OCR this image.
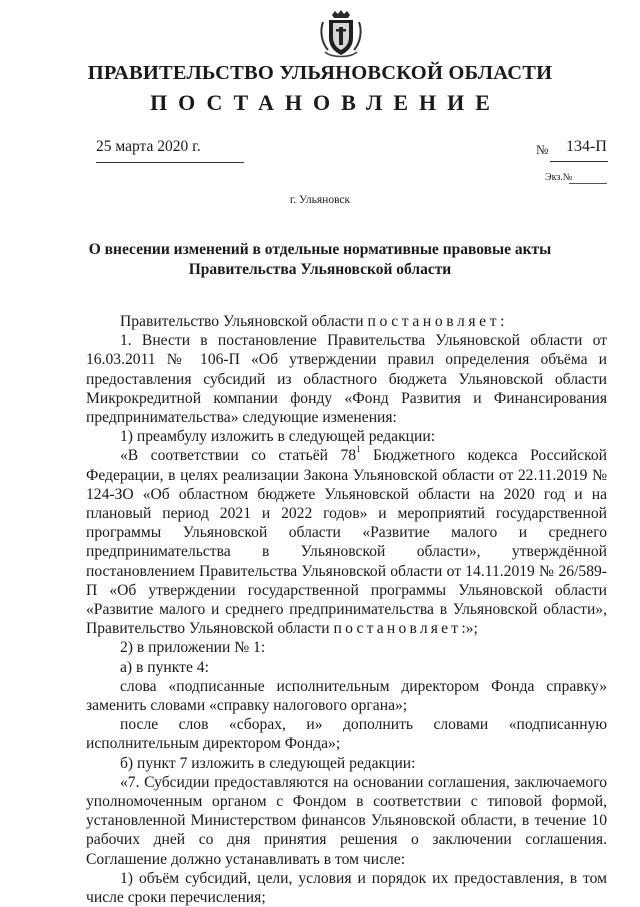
ПРАВИТЕЛЬСТВО УЛЬЯНОВСКОЙ ОБЛАСТИ
ПОСТАНОВЛЕНИЕ
25 марта 2020 г.	№ 134-П
Экз.№
г. Ульяновск
О внесении изменений в отдельные нормативные правовые акты
Правительства Ульяновской области

Правительство Ульяновской области постановляет:

1. Внести в постановление Правительства Ульяновской области от 16.03.2011 № 106-П «Об утверждении правил определения объёма и предоставления субсидий из областного бюджета Ульяновской области Микрокредитной компании фонду «Фонд Развития и Финансирования предпринимательства» следующие изменения:

1) преамбулу изложить в следующей редакции:

«В соответствии со статьёй $78^1$ Бюджетного кодекса Российской Федерации, в целях реализации Закона Ульяновской области от 22.11.2019 № 124-ЗО «Об областном бюджете Ульяновской области на 2020 год и на плановый период 2021 и 2022 годов» и мероприятий государственной программы Ульяновской области «Развитие малого и среднего предпринимательства в Ульяновской области», утверждённой постановлением Правительства Ульяновской области от 14.11.2019 № 26/589-П «Об утверждении государственной программы Ульяновской области «Развитие малого и среднего предпринимательства в Ульяновской области», Правительство Ульяновской области постановляет:»;

2) в приложении № 1:

а) в пункте 4:

слова «подписанные исполнительным директором Фонда справку» заменить словами «справку налогового органа»;

после слов «сборах, и» дополнить словами «подписанную исполнительным директором Фонда»;

б) пункт 7 изложить в следующей редакции:

«7. Субсидии предоставляются на основании соглашения, заключаемого уполномоченным органом с Фондом в соответствии с типовой формой, установленной Министерством финансов Ульяновской области, в течение 10 рабочих дней со дня принятия решения о заключении соглашения. Соглашение должно устанавливать в том числе:

1) объём субсидий, цели, условия и порядок их предоставления, в том числе сроки перечисления;
